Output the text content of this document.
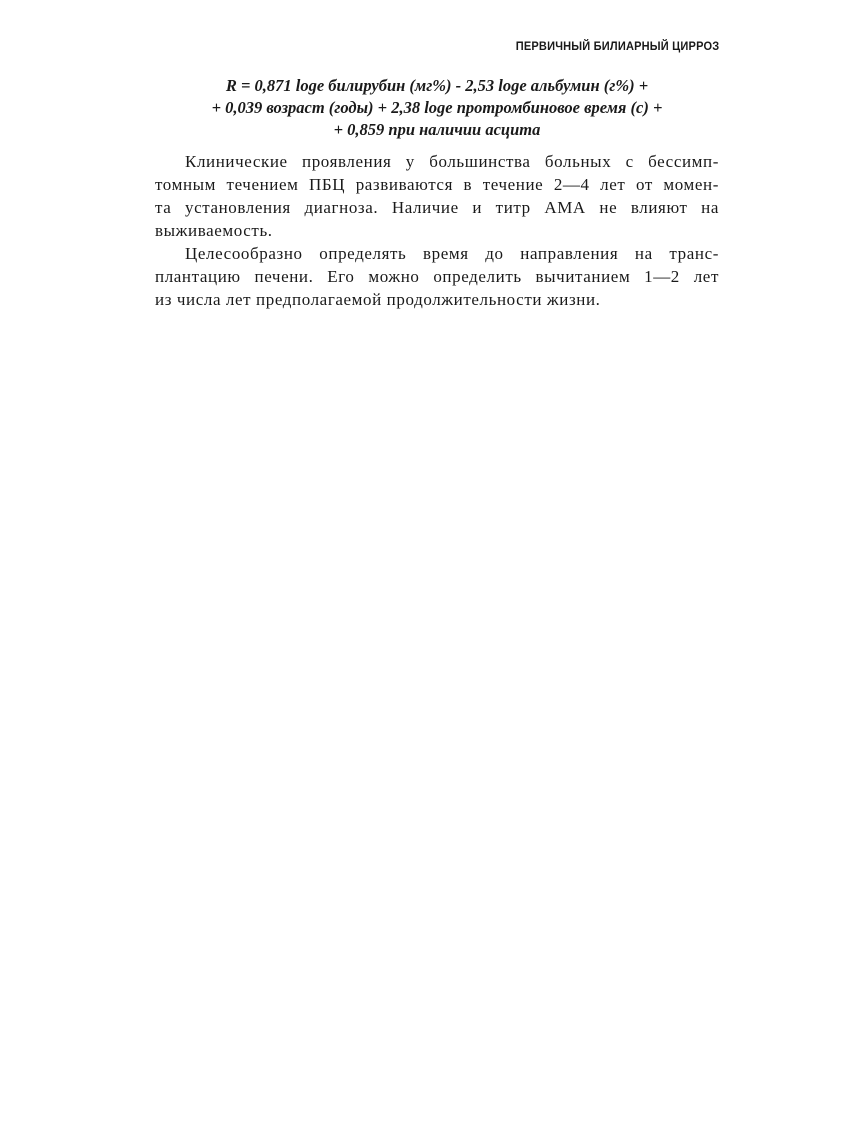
ПЕРВИЧНЫЙ БИЛИАРНЫЙ ЦИРРОЗ
R = 0,871 loge билирубин (мг%) - 2,53 loge альбумин (г%) +
+ 0,039 возраст (годы) + 2,38 loge протромбиновое время (с) +
+ 0,859 при наличии асцита

Клинические проявления у большинства больных с бессимп-
томным течением ПБЦ развиваются в течение 2—4 лет от момен-
та установления диагноза. Наличие и титр АМА не влияют на
выживаемость.

Целесообразно определять время до направления на транс-
плантацию печени. Его можно определить вычитанием 1—2 лет
из числа лет предполагаемой продолжительности жизни.
